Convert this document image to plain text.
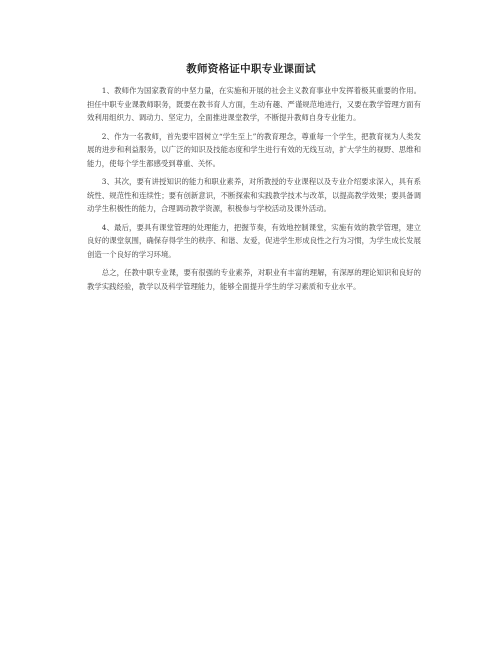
教师资格证中职专业课面试

1、教师作为国家教育的中坚力量，在实施和开展的社会主义教育事业中发挥着极其重要的作用。担任中职专业课教师职务，既要在教书育人方面，生动有趣、严谨规范地进行，又要在教学管理方面有效利用组织力、调动力、坚定力，全面推进课堂教学，不断提升教师自身专业能力。

2、作为一名教师，首先要牢固树立“学生至上”的教育理念，尊重每一个学生，把教育视为人类发展的进步和利益服务，以广泛的知识及技能态度和学生进行有效的无线互动，扩大学生的视野、思维和能力，使每个学生都感受到尊重、关怀。

3、其次，要有讲授知识的能力和职业素养，对所教授的专业课程以及专业介绍要求深入，具有系统性、规范性和连续性；要有创新意识，不断探索和实践教学技术与改革，以提高教学效果；要具备调动学生积极性的能力，合理调动教学资源，积极参与学校活动及课外活动。

4、最后，要具有课堂管理的处理能力，把握节奏，有效地控制课堂，实施有效的教学管理，建立良好的课堂氛围，确保存得学生的秩序、和谐、友爱，促进学生形成良性之行为习惯，为学生成长发展创造一个良好的学习环境。

总之，任教中职专业课，要有很强的专业素养，对职业有丰富的理解，有深厚的理论知识和良好的教学实践经验，教学以及科学管理能力，能够全面提升学生的学习素质和专业水平。
